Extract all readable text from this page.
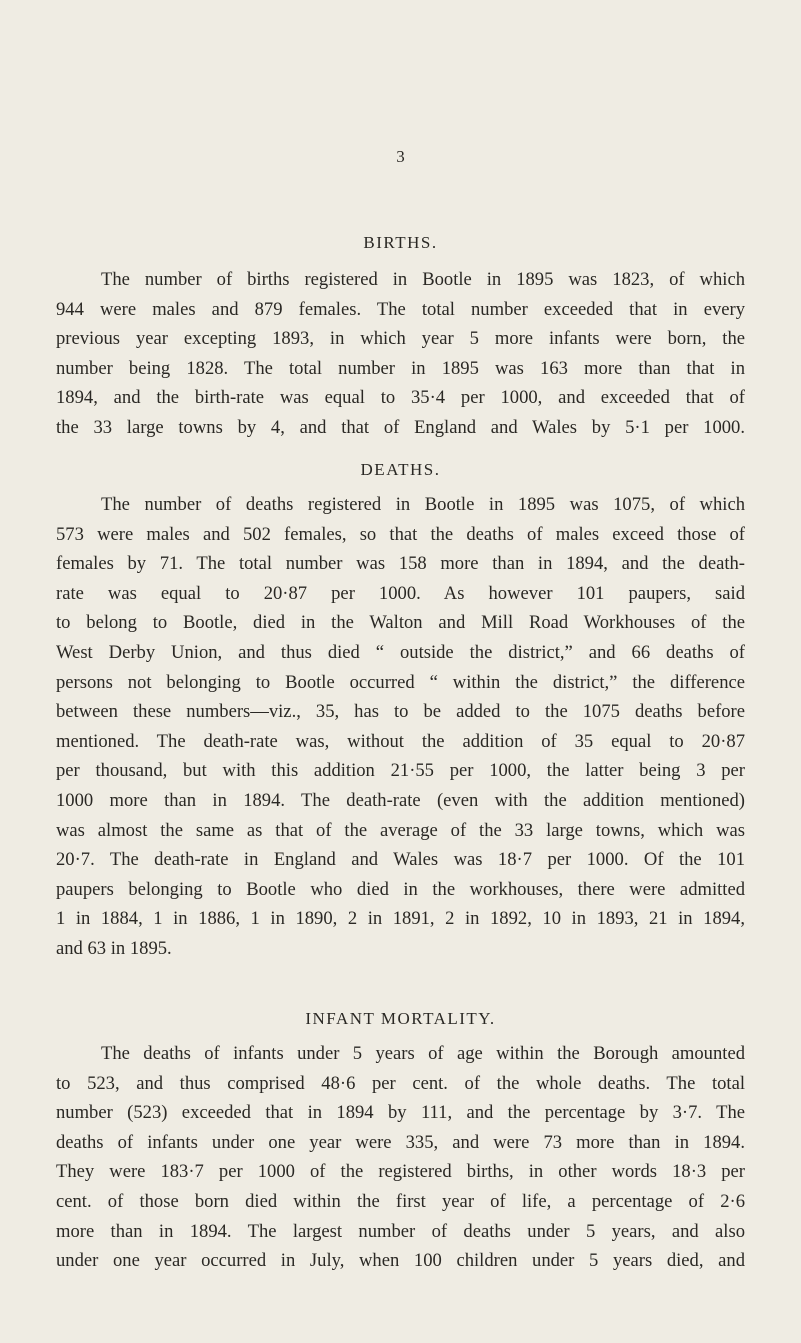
3
BIRTHS.
The number of births registered in Bootle in 1895 was 1823, of which
944 were males and 879 females. The total number exceeded that in every
previous year excepting 1893, in which year 5 more infants were born, the
number being 1828. The total number in 1895 was 163 more than that in
1894, and the birth-rate was equal to 35·4 per 1000, and exceeded that of
the 33 large towns by 4, and that of England and Wales by 5·1 per 1000.
DEATHS.
The number of deaths registered in Bootle in 1895 was 1075, of which
573 were males and 502 females, so that the deaths of males exceed those of
females by 71. The total number was 158 more than in 1894, and the death-
rate was equal to 20·87 per 1000. As however 101 paupers, said
to belong to Bootle, died in the Walton and Mill Road Workhouses of the
West Derby Union, and thus died “ outside the district,” and 66 deaths of
persons not belonging to Bootle occurred “ within the district,” the difference
between these numbers—viz., 35, has to be added to the 1075 deaths before
mentioned. The death-rate was, without the addition of 35 equal to 20·87
per thousand, but with this addition 21·55 per 1000, the latter being 3 per
1000 more than in 1894. The death-rate (even with the addition mentioned)
was almost the same as that of the average of the 33 large towns, which was
20·7. The death-rate in England and Wales was 18·7 per 1000. Of the 101
paupers belonging to Bootle who died in the workhouses, there were admitted
1 in 1884, 1 in 1886, 1 in 1890, 2 in 1891, 2 in 1892, 10 in 1893, 21 in 1894,
and 63 in 1895.
INFANT MORTALITY.
The deaths of infants under 5 years of age within the Borough amounted
to 523, and thus comprised 48·6 per cent. of the whole deaths. The total
number (523) exceeded that in 1894 by 111, and the percentage by 3·7. The
deaths of infants under one year were 335, and were 73 more than in 1894.
They were 183·7 per 1000 of the registered births, in other words 18·3 per
cent. of those born died within the first year of life, a percentage of 2·6
more than in 1894. The largest number of deaths under 5 years, and also
under one year occurred in July, when 100 children under 5 years died, and
